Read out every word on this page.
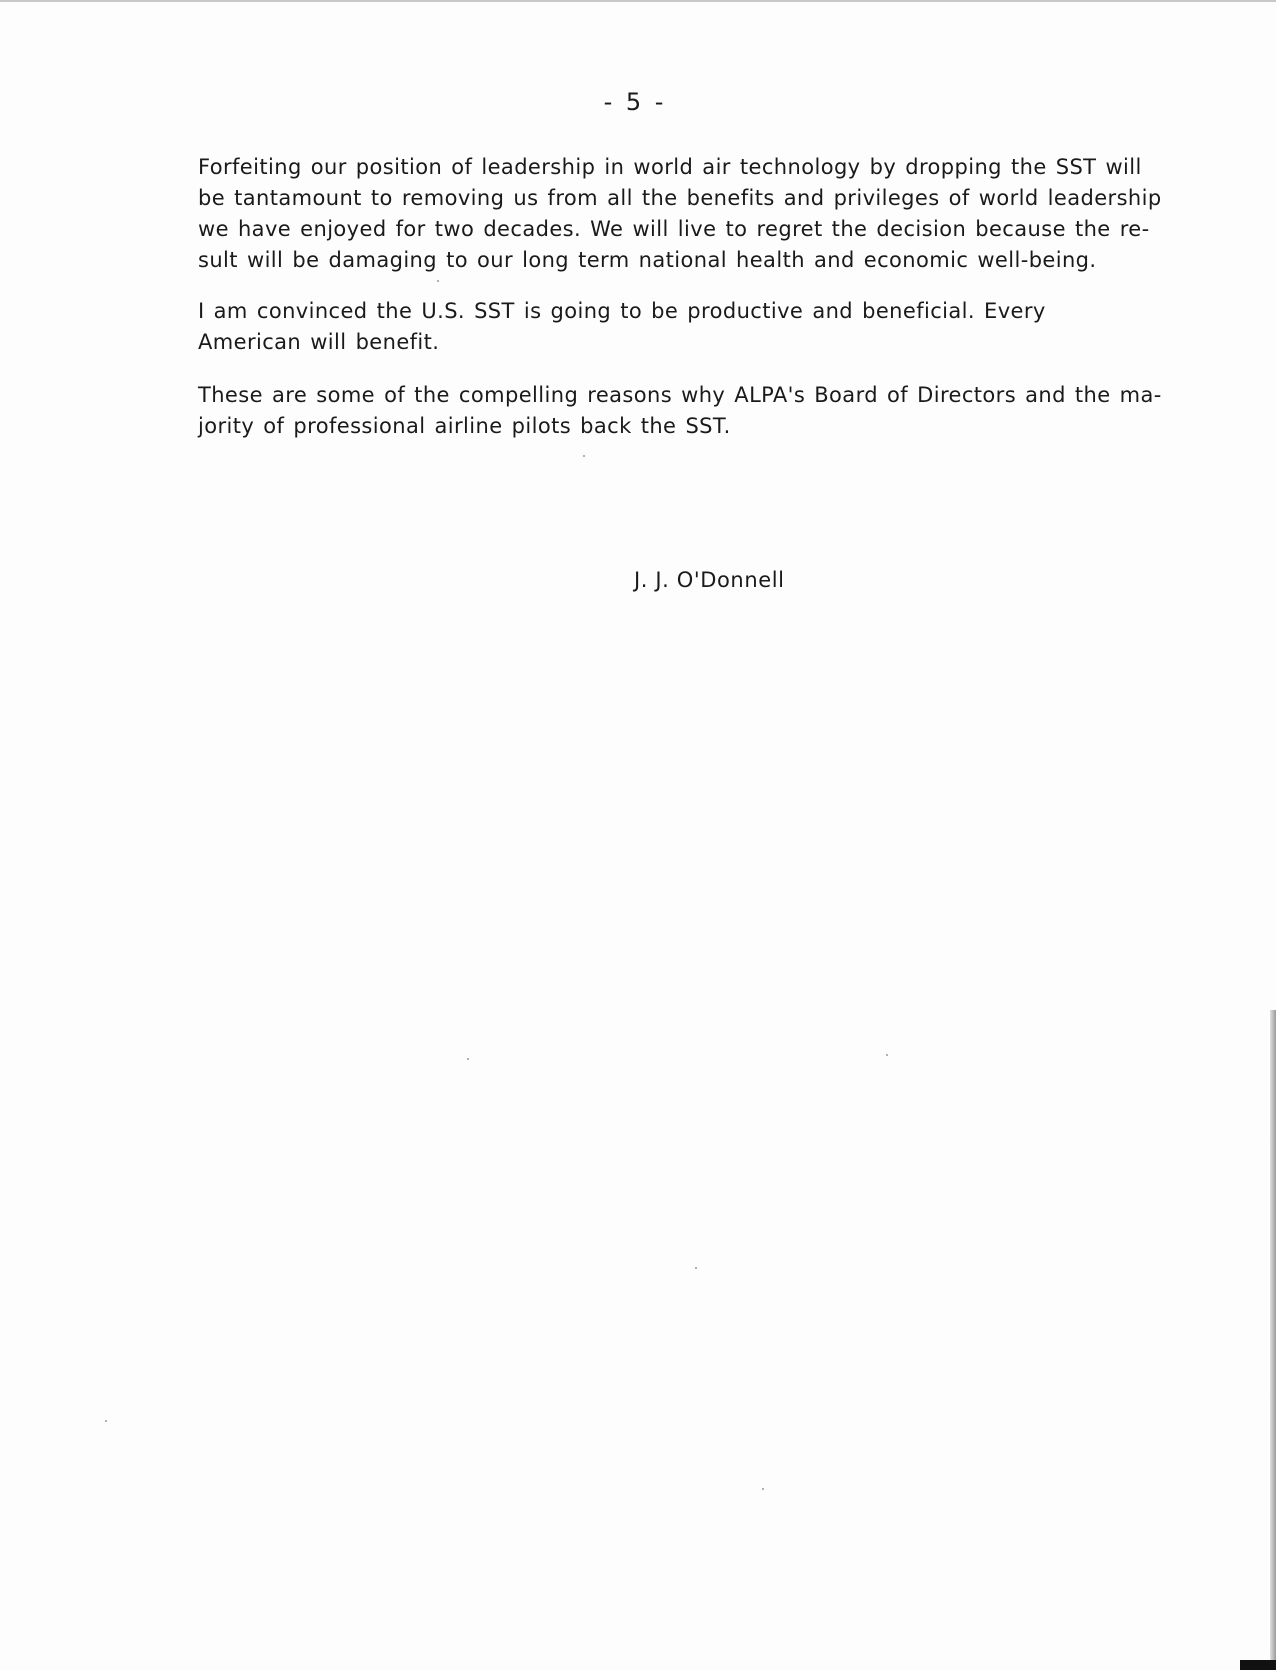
- 5 -

Forfeiting our position of leadership in world air technology by dropping the SST will
be tantamount to removing us from all the benefits and privileges of world leadership
we have enjoyed for two decades. We will live to regret the decision because the re-
sult will be damaging to our long term national health and economic well-being.

I am convinced the U.S. SST is going to be productive and beneficial. Every
American will benefit.

These are some of the compelling reasons why ALPA's Board of Directors and the ma-
jority of professional airline pilots back the SST.

J. J. O'Donnell
